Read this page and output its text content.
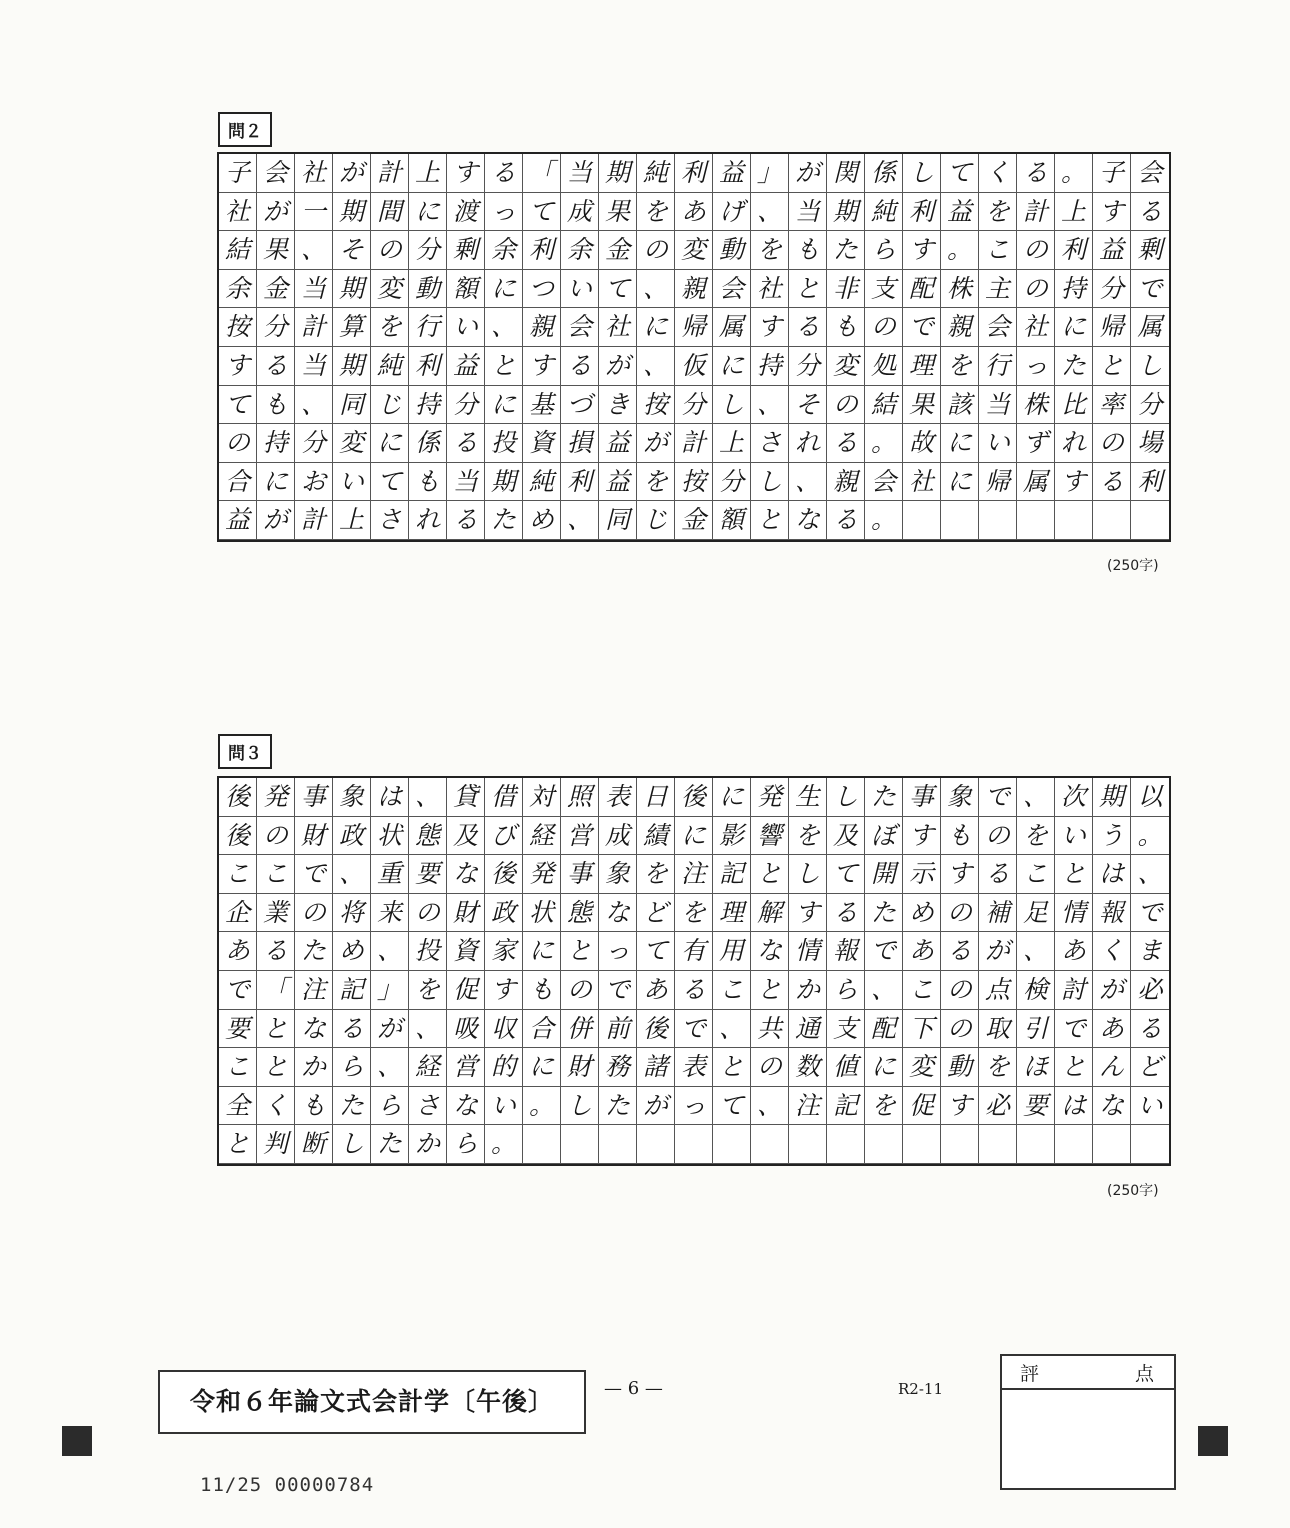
問２
子 会 社 が 計 上 す る 「 当 期 純 利 益 」 が 関 係 し て く る 。 子 会
社 が 一 期 間 に 渡 っ て 成 果 を あ げ 、 当 期 純 利 益 を 計 上 す る
結 果 、 そ の 分 剰 余 利 余 金 の 変 動 を も た ら す 。 こ の 利 益 剰
余 金 当 期 変 動 額 に つ い て 、 親 会 社 と 非 支 配 株 主 の 持 分 で
按 分 計 算 を 行 い 、 親 会 社 に 帰 属 す る も の で 親 会 社 に 帰 属
す る 当 期 純 利 益 と す る が 、 仮 に 持 分 変 処 理 を 行 っ た と し
て も 、 同 じ 持 分 に 基 づ き 按 分 し 、 そ の 結 果 該 当 株 比 率 分
の 持 分 変 に 係 る 投 資 損 益 が 計 上 さ れ る 。 故 に い ず れ の 場
合 に お い て も 当 期 純 利 益 を 按 分 し 、 親 会 社 に 帰 属 す る 利
益 が 計 上 さ れ る た め 、 同 じ 金 額 と な る 。
(250字)
問３
後 発 事 象 は 、 貸 借 対 照 表 日 後 に 発 生 し た 事 象 で 、 次 期 以
後 の 財 政 状 態 及 び 経 営 成 績 に 影 響 を 及 ぼ す も の を い う 。
こ こ で 、 重 要 な 後 発 事 象 を 注 記 と し て 開 示 す る こ と は 、
企 業 の 将 来 の 財 政 状 態 な ど を 理 解 す る た め の 補 足 情 報 で
あ る た め 、 投 資 家 に と っ て 有 用 な 情 報 で あ る が 、 あ く ま
で 「 注 記 」 を 促 す も の で あ る こ と か ら 、 こ の 点 検 討 が 必
要 と な る が 、 吸 収 合 併 前 後 で 、 共 通 支 配 下 の 取 引 で あ る
こ と か ら 、 経 営 的 に 財 務 諸 表 と の 数 値 に 変 動 を ほ と ん ど
全 く も た ら さ な い 。 し た が っ て 、 注 記 を 促 す 必 要 は な い
と 判 断 し た か ら 。
(250字)
令和６年論文式会計学〔午後〕	— 6 —	R2-11
評	点
11/25 00000784
